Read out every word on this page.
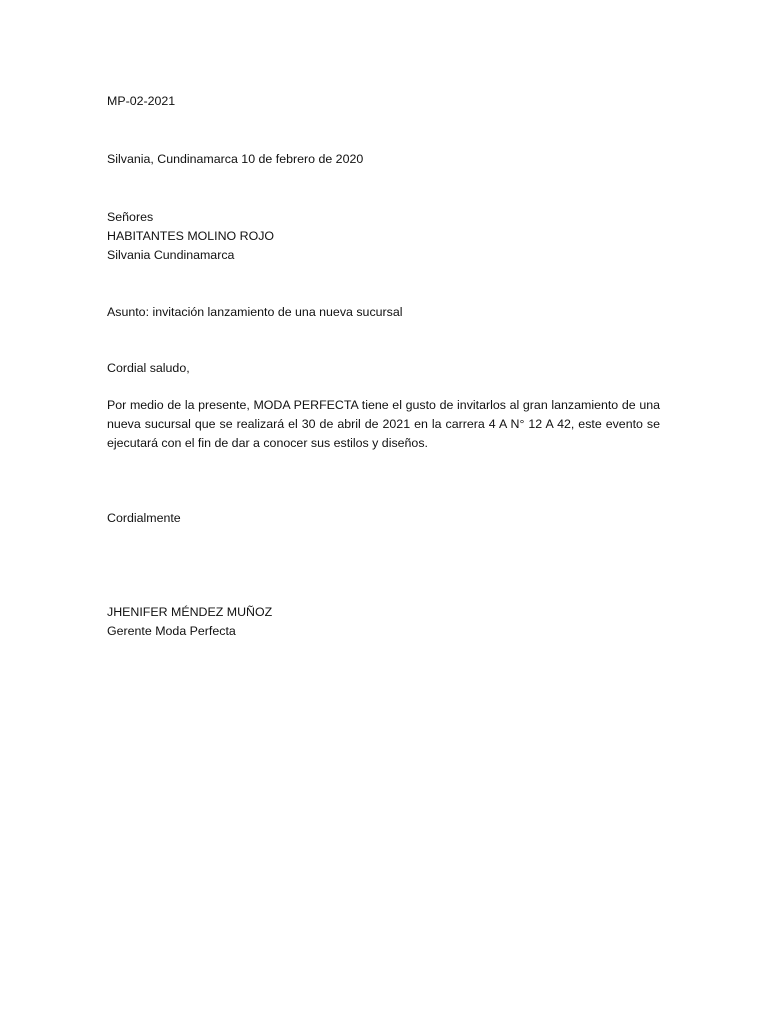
MP-02-2021
Silvania, Cundinamarca 10 de febrero de 2020
Señores
HABITANTES MOLINO ROJO
Silvania Cundinamarca
Asunto: invitación lanzamiento de una nueva sucursal
Cordial saludo,
Por medio de la presente, MODA PERFECTA tiene el gusto de invitarlos al gran lanzamiento de una
nueva sucursal que se realizará el 30 de abril de 2021 en la carrera 4 A N° 12 A 42, este evento se
ejecutará con el fin de dar a conocer sus estilos y diseños.
Cordialmente
JHENIFER MÉNDEZ MUÑOZ
Gerente Moda Perfecta
